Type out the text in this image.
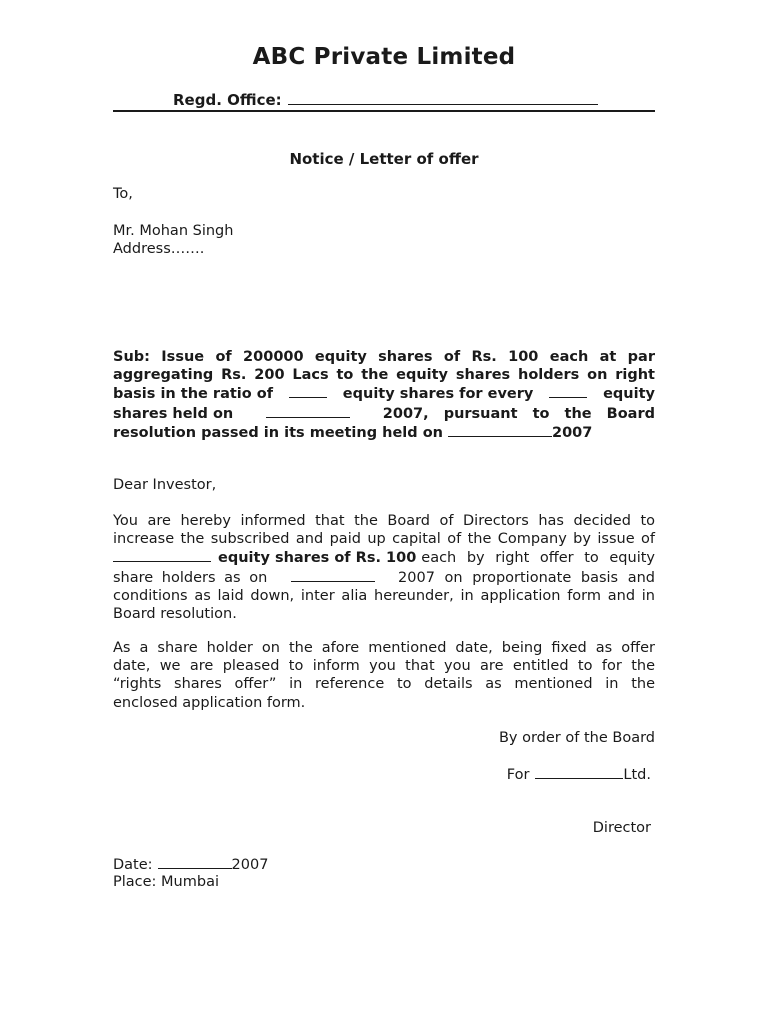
ABC Private Limited
Regd. Office:
Notice / Letter of offer
To,
Mr. Mohan Singh
Address…….
Sub: Issue of 200000 equity shares of Rs. 100 each at par
aggregating Rs. 200 Lacs to the equity shares holders on right
basis in the ratio of	equity shares for every	equity
shares held on	2007, pursuant to the Board
resolution passed in its meeting held on	2007
Dear Investor,
You are hereby informed that the Board of Directors has decided to
increase the subscribed and paid up capital of the Company by issue of
equity shares of Rs. 100 each by right offer to equity
share holders as on	2007 on proportionate basis and
conditions as laid down, inter alia hereunder, in application form and in
Board resolution.
As a share holder on the afore mentioned date, being fixed as offer
date, we are pleased to inform you that you are entitled to for the
“rights shares offer” in reference to details as mentioned in the
enclosed application form.
By order of the Board
For	Ltd.
Director
Date:	2007
Place: Mumbai
